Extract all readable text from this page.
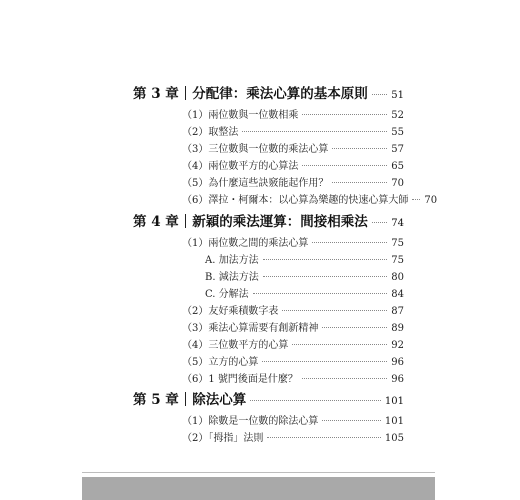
第 3 章 分配律：乘法心算的基本原則 51
（1）兩位數與一位數相乘	52
（2）取整法	55
（3）三位數與一位數的乘法心算	57
（4）兩位數平方的心算法	65
（5）為什麼這些訣竅能起作用？	70
（6）澤拉・柯爾本：以心算為樂趣的快速心算大師 70
第 4 章 新穎的乘法運算：間接相乘法 74
（1）兩位數之間的乘法心算	75
A. 加法方法	75
B. 減法方法	80
C. 分解法	84
（2）友好乘積數字表	87
（3）乘法心算需要有創新精神	89
（4）三位數平方的心算	92
（5）立方的心算	96
（6）1 號門後面是什麼？	96
第 5 章 除法心算	101
（1）除數是一位數的除法心算	101
（2）「拇指」法則	105
